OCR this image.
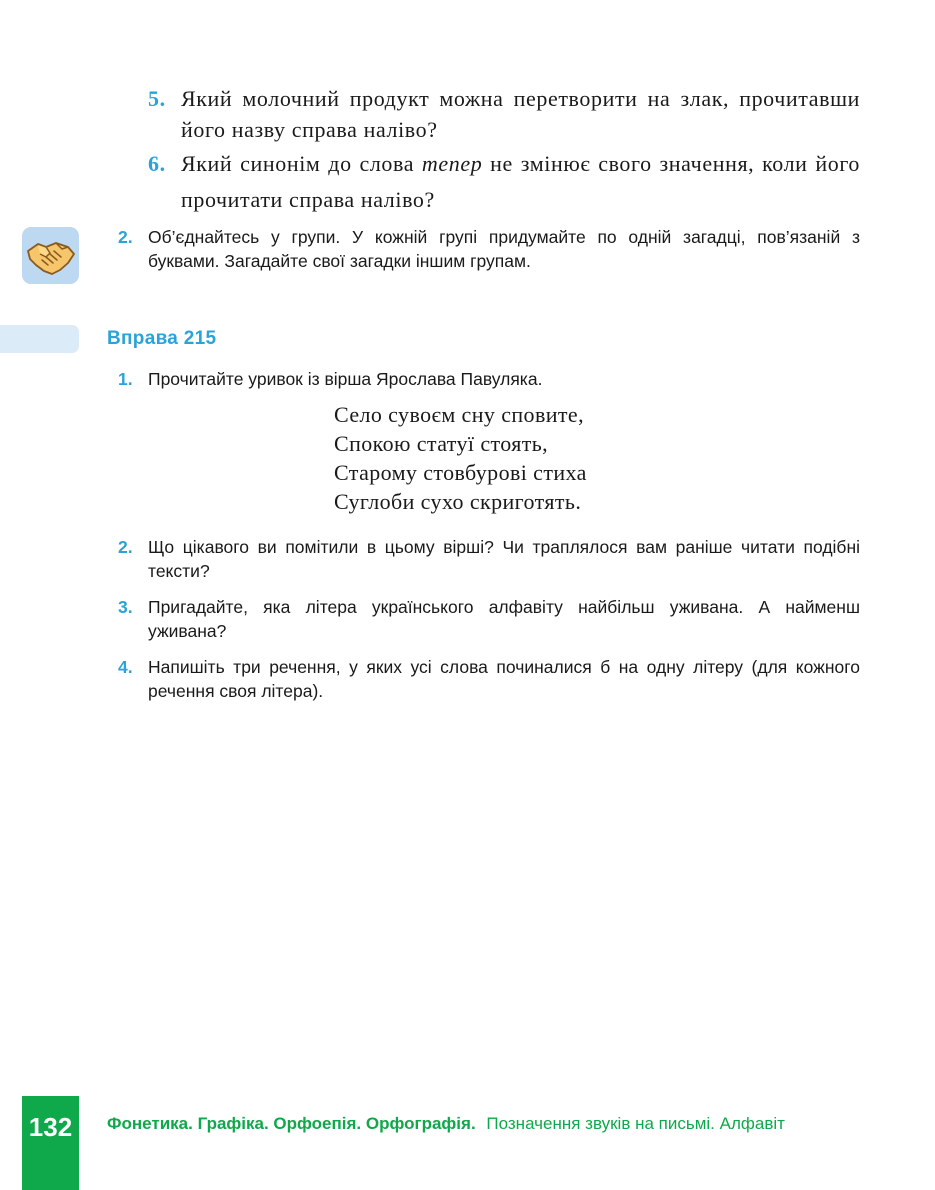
5. Який молочний продукт можна перетворити на злак, прочитавши його назву справа наліво?
6. Який синонім до слова тепер не змінює свого значення, коли його прочитати справа наліво?
2. Об’єднайтесь у групи. У кожній групі придумайте по одній загадці, пов’язаній з буквами. Загадайте свої загадки іншим групам.
Вправа 215
1. Прочитайте уривок із вірша Ярослава Павуляка.
Село сувоєм сну сповите,
Спокою статуї стоять,
Старому стовбурові стиха
Суглоби сухо скриготять.
2. Що цікавого ви помітили в цьому вірші? Чи траплялося вам раніше читати подібні тексти?
3. Пригадайте, яка літера українського алфавіту найбільш уживана. А найменш уживана?
4. Напишіть три речення, у яких усі слова починалися б на одну літеру (для кожного речення своя літера).
132	Фонетика. Графіка. Орфоепія. Орфографія. Позначення звуків на письмі. Алфавіт
